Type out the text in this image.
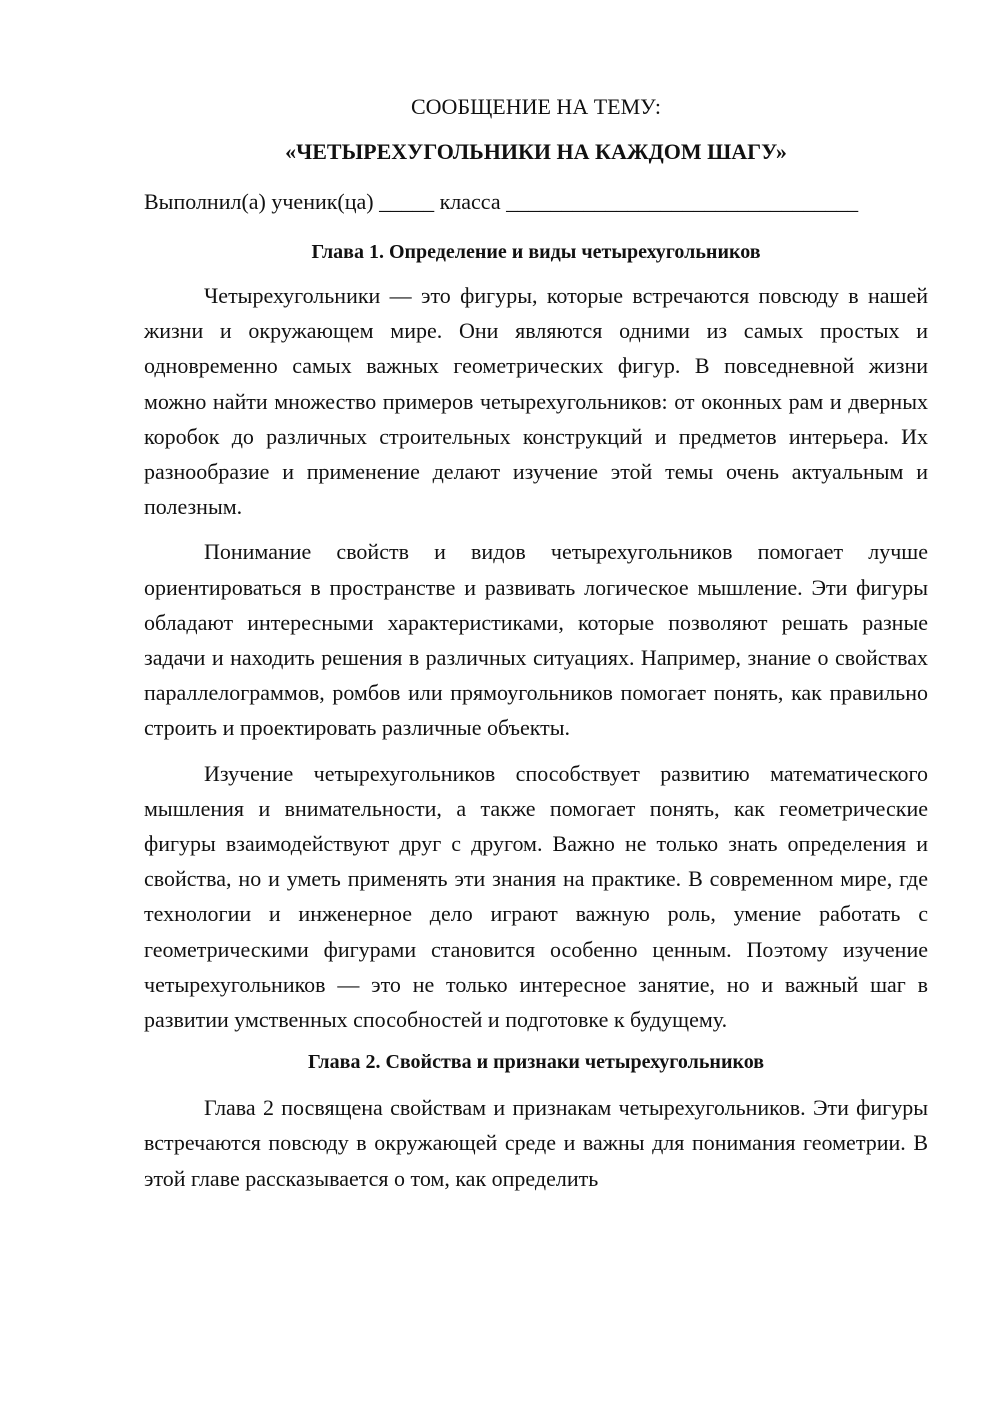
СООБЩЕНИЕ НА ТЕМУ:

«ЧЕТЫРЕХУГОЛЬНИКИ НА КАЖДОМ ШАГУ»

Выполнил(а) ученик(ца) _____ класса ________________________________

Глава 1. Определение и виды четырехугольников

Четырехугольники — это фигуры, которые встречаются повсюду в нашей жизни и окружающем мире. Они являются одними из самых простых и одновременно самых важных геометрических фигур. В повседневной жизни можно найти множество примеров четырехугольников: от оконных рам и дверных коробок до различных строительных конструкций и предметов интерьера. Их разнообразие и применение делают изучение этой темы очень актуальным и полезным.

Понимание свойств и видов четырехугольников помогает лучше ориентироваться в пространстве и развивать логическое мышление. Эти фигуры обладают интересными характеристиками, которые позволяют решать разные задачи и находить решения в различных ситуациях. Например, знание о свойствах параллелограммов, ромбов или прямоугольников помогает понять, как правильно строить и проектировать различные объекты.

Изучение четырехугольников способствует развитию математического мышления и внимательности, а также помогает понять, как геометрические фигуры взаимодействуют друг с другом. Важно не только знать определения и свойства, но и уметь применять эти знания на практике. В современном мире, где технологии и инженерное дело играют важную роль, умение работать с геометрическими фигурами становится особенно ценным. Поэтому изучение четырехугольников — это не только интересное занятие, но и важный шаг в развитии умственных способностей и подготовке к будущему.

Глава 2. Свойства и признаки четырехугольников

Глава 2 посвящена свойствам и признакам четырехугольников. Эти фигуры встречаются повсюду в окружающей среде и важны для понимания геометрии. В этой главе рассказывается о том, как определить
